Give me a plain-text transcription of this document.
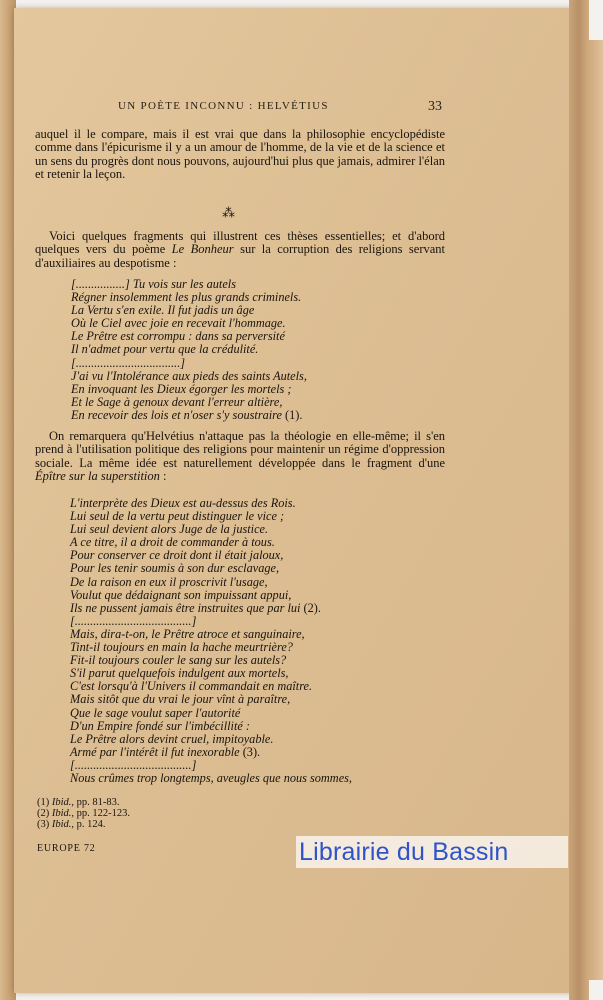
UN POÈTE INCONNU : HELVÉTIUS	33

auquel il le compare, mais il est vrai que dans la philosophie encyclopédiste comme dans l'épicurisme il y a un amour de l'homme, de la vie et de la science et un sens du progrès dont nous pouvons, aujourd'hui plus que jamais, admirer l'élan et retenir la leçon.

⁂

Voici quelques fragments qui illustrent ces thèses essentielles; et d'abord quelques vers du poème Le Bonheur sur la corruption des religions servant d'auxiliaires au despotisme :

[................] Tu vois sur les autels
Régner insolemment les plus grands criminels.
La Vertu s'en exile. Il fut jadis un âge
Où le Ciel avec joie en recevait l'hommage.
Le Prêtre est corrompu : dans sa perversité
Il n'admet pour vertu que la crédulité.
[..................................]
J'ai vu l'Intolérance aux pieds des saints Autels,
En invoquant les Dieux égorger les mortels ;
Et le Sage à genoux devant l'erreur altière,
En recevoir des lois et n'oser s'y soustraire (1).

On remarquera qu'Helvétius n'attaque pas la théologie en elle-même; il s'en prend à l'utilisation politique des religions pour maintenir un régime d'oppression sociale. La même idée est naturellement développée dans le fragment d'une Épître sur la superstition :

L'interprète des Dieux est au-dessus des Rois.
Lui seul de la vertu peut distinguer le vice ;
Lui seul devient alors Juge de la justice.
A ce titre, il a droit de commander à tous.
Pour conserver ce droit dont il était jaloux,
Pour les tenir soumis à son dur esclavage,
De la raison en eux il proscrivit l'usage,
Voulut que dédaignant son impuissant appui,
Ils ne pussent jamais être instruites que par lui (2).
[......................................]
Mais, dira-t-on, le Prêtre atroce et sanguinaire,
Tint-il toujours en main la hache meurtrière?
Fit-il toujours couler le sang sur les autels?
S'il parut quelquefois indulgent aux mortels,
C'est lorsqu'à l'Univers il commandait en maître.
Mais sitôt que du vrai le jour vînt à paraître,
Que le sage voulut saper l'autorité
D'un Empire fondé sur l'imbécillité :
Le Prêtre alors devint cruel, impitoyable.
Armé par l'intérêt il fut inexorable (3).
[......................................]
Nous crûmes trop longtemps, aveugles que nous sommes,
(1) Ibid., pp. 81-83.
(2) Ibid., pp. 122-123.
(3) Ibid., p. 124.
EUROPE 72	Librairie du Bassin
